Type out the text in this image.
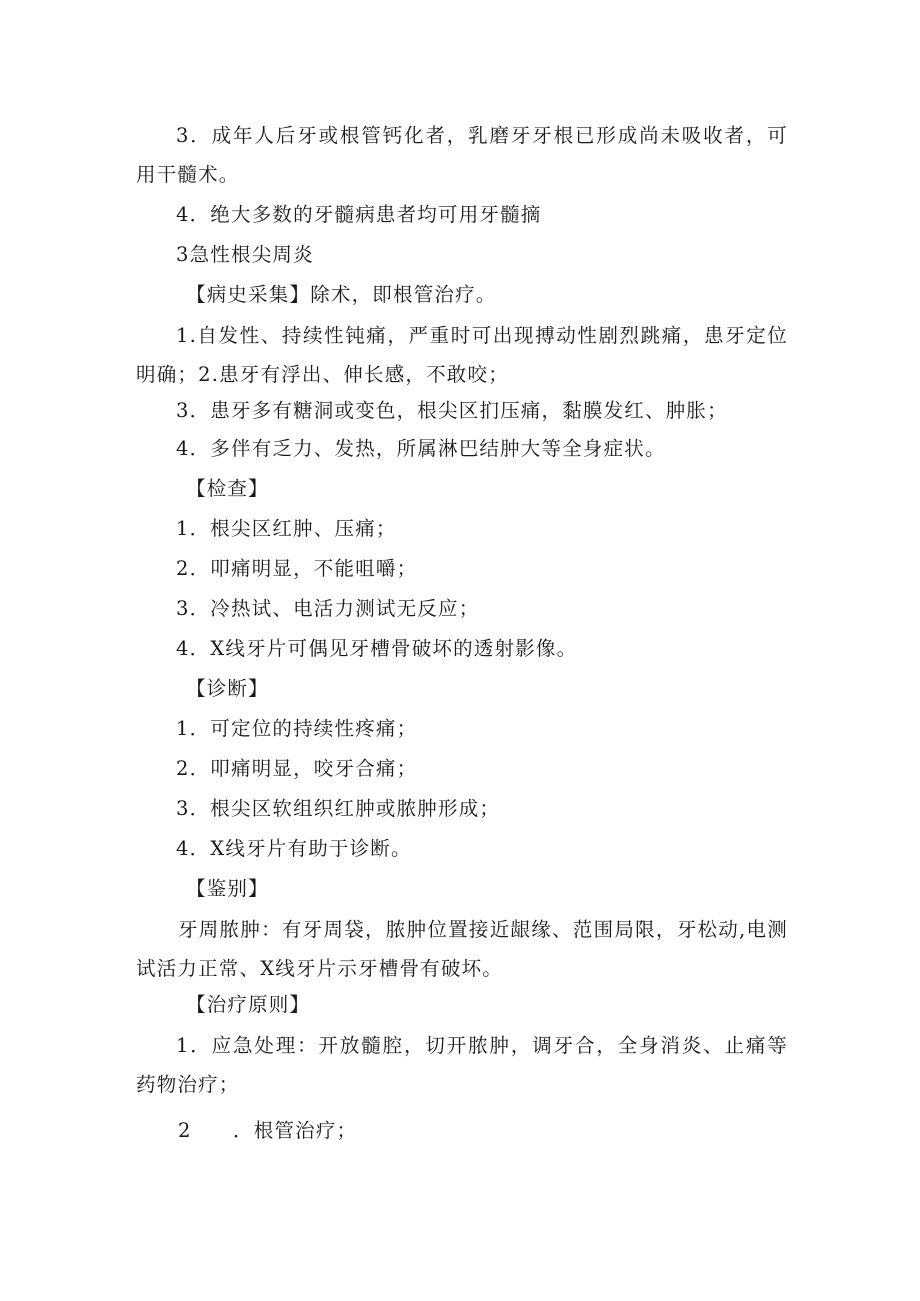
3．成年人后牙或根管钙化者，乳磨牙牙根已形成尚未吸收者，可用干髓术。
4．绝大多数的牙髓病患者均可用牙髓摘
3急性根尖周炎
【病史采集】除术，即根管治疗。
1.自发性、持续性钝痛，严重时可出现搏动性剧烈跳痛，患牙定位明确；2.患牙有浮出、伸长感，不敢咬；
3．患牙多有糖洞或变色，根尖区扪压痛，黏膜发红、肿胀；
4．多伴有乏力、发热，所属淋巴结肿大等全身症状。
【检查】
1．根尖区红肿、压痛；
2．叩痛明显，不能咀嚼；
3．冷热试、电活力测试无反应；
4．X线牙片可偶见牙槽骨破坏的透射影像。
【诊断】
1．可定位的持续性疼痛；
2．叩痛明显，咬牙合痛；
3．根尖区软组织红肿或脓肿形成；
4．X线牙片有助于诊断。
【鉴别】
牙周脓肿：有牙周袋，脓肿位置接近龈缘、范围局限，牙松动,电测试活力正常、X线牙片示牙槽骨有破坏。
【治疗原则】
1．应急处理：开放髓腔，切开脓肿，调牙合，全身消炎、止痛等药物治疗；
2　　．根管治疗；
